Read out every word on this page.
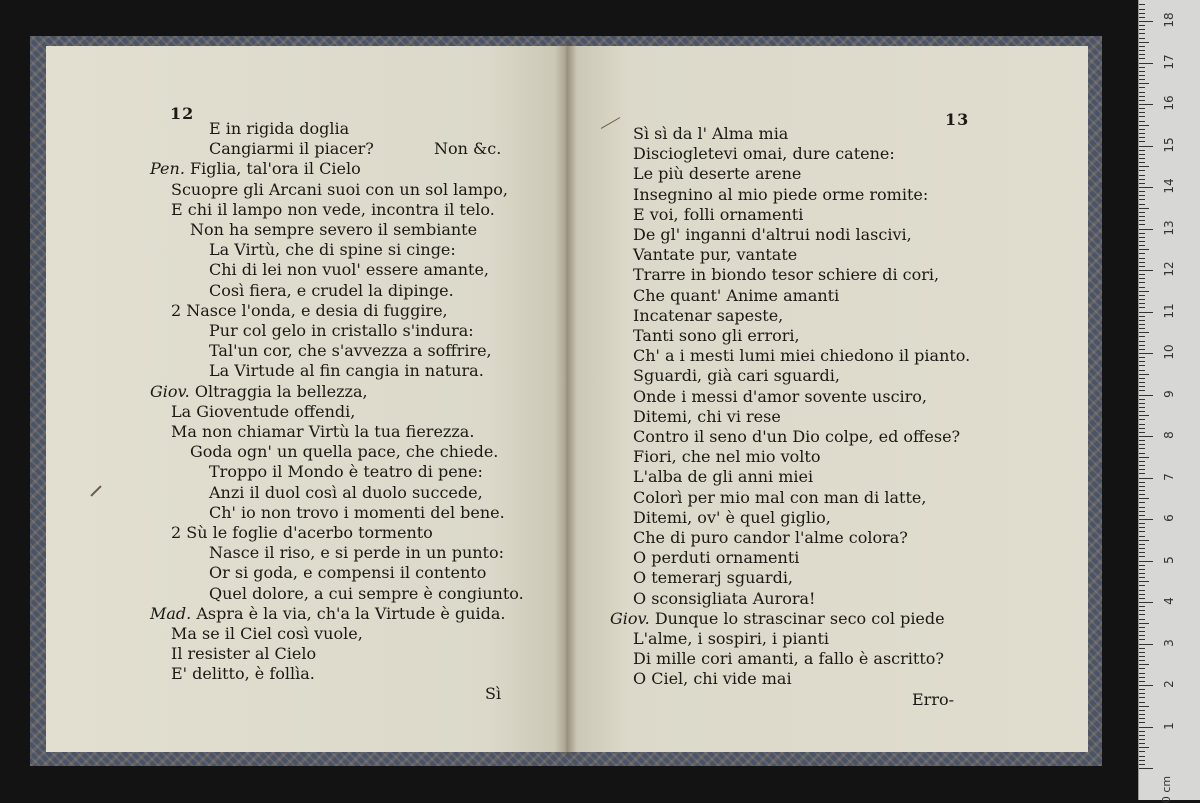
12	13
E in rigida doglia
Cangiarmi il piacer?	Non &c.
Pen. Figlia, tal'ora il Cielo
Scuopre gli Arcani suoi con un sol lampo,
E chi il lampo non vede, incontra il telo.
Non ha sempre severo il sembiante
La Virtù, che di spine si cinge:
Chi di lei non vuol' essere amante,
Così fiera, e crudel la dipinge.
2 Nasce l'onda, e desia di fuggire,
Pur col gelo in cristallo s'indura:
Tal'un cor, che s'avvezza a soffrire,
La Virtude al fin cangia in natura.
Giov. Oltraggia la bellezza,
La Gioventude offendi,
Ma non chiamar Virtù la tua fierezza.
Goda ogn' un quella pace, che chiede.
Troppo il Mondo è teatro di pene:
Anzi il duol così al duolo succede,
Ch' io non trovo i momenti del bene.
2 Sù le foglie d'acerbo tormento
Nasce il riso, e si perde in un punto:
Or si goda, e compensi il contento
Quel dolore, a cui sempre è congiunto.
Mad. Aspra è la via, ch'a la Virtude è guida.
Ma se il Ciel così vuole,
Il resister al Cielo
E' delitto, è follìa.
Sì sì da l' Alma mia
Disciogletevi omai, dure catene:
Le più deserte arene
Insegnino al mio piede orme romite:
E voi, folli ornamenti
De gl' inganni d'altrui nodi lascivi,
Vantate pur, vantate
Trarre in biondo tesor schiere di cori,
Che quant' Anime amanti
Incatenar sapeste,
Tanti sono gli errori,
Ch' a i mesti lumi miei chiedono il pianto.
Sguardi, già cari sguardi,
Onde i messi d'amor sovente usciro,
Ditemi, chi vi rese
Contro il seno d'un Dio colpe, ed offese?
Fiori, che nel mio volto
L'alba de gli anni miei
Colorì per mio mal con man di latte,
Ditemi, ov' è quel giglio,
Che di puro candor l'alme colora?
O perduti ornamenti
O temerarj sguardi,
O sconsigliata Aurora!
Giov. Dunque lo strascinar seco col piede
L'alme, i sospiri, i pianti
Di mille cori amanti, a fallo è ascritto?
O Ciel, chi vide mai
Sì	Erro-
1
2
3
4
5
6
7
8
9
10
11
12
13
14
15
16
17
18
0 cm
